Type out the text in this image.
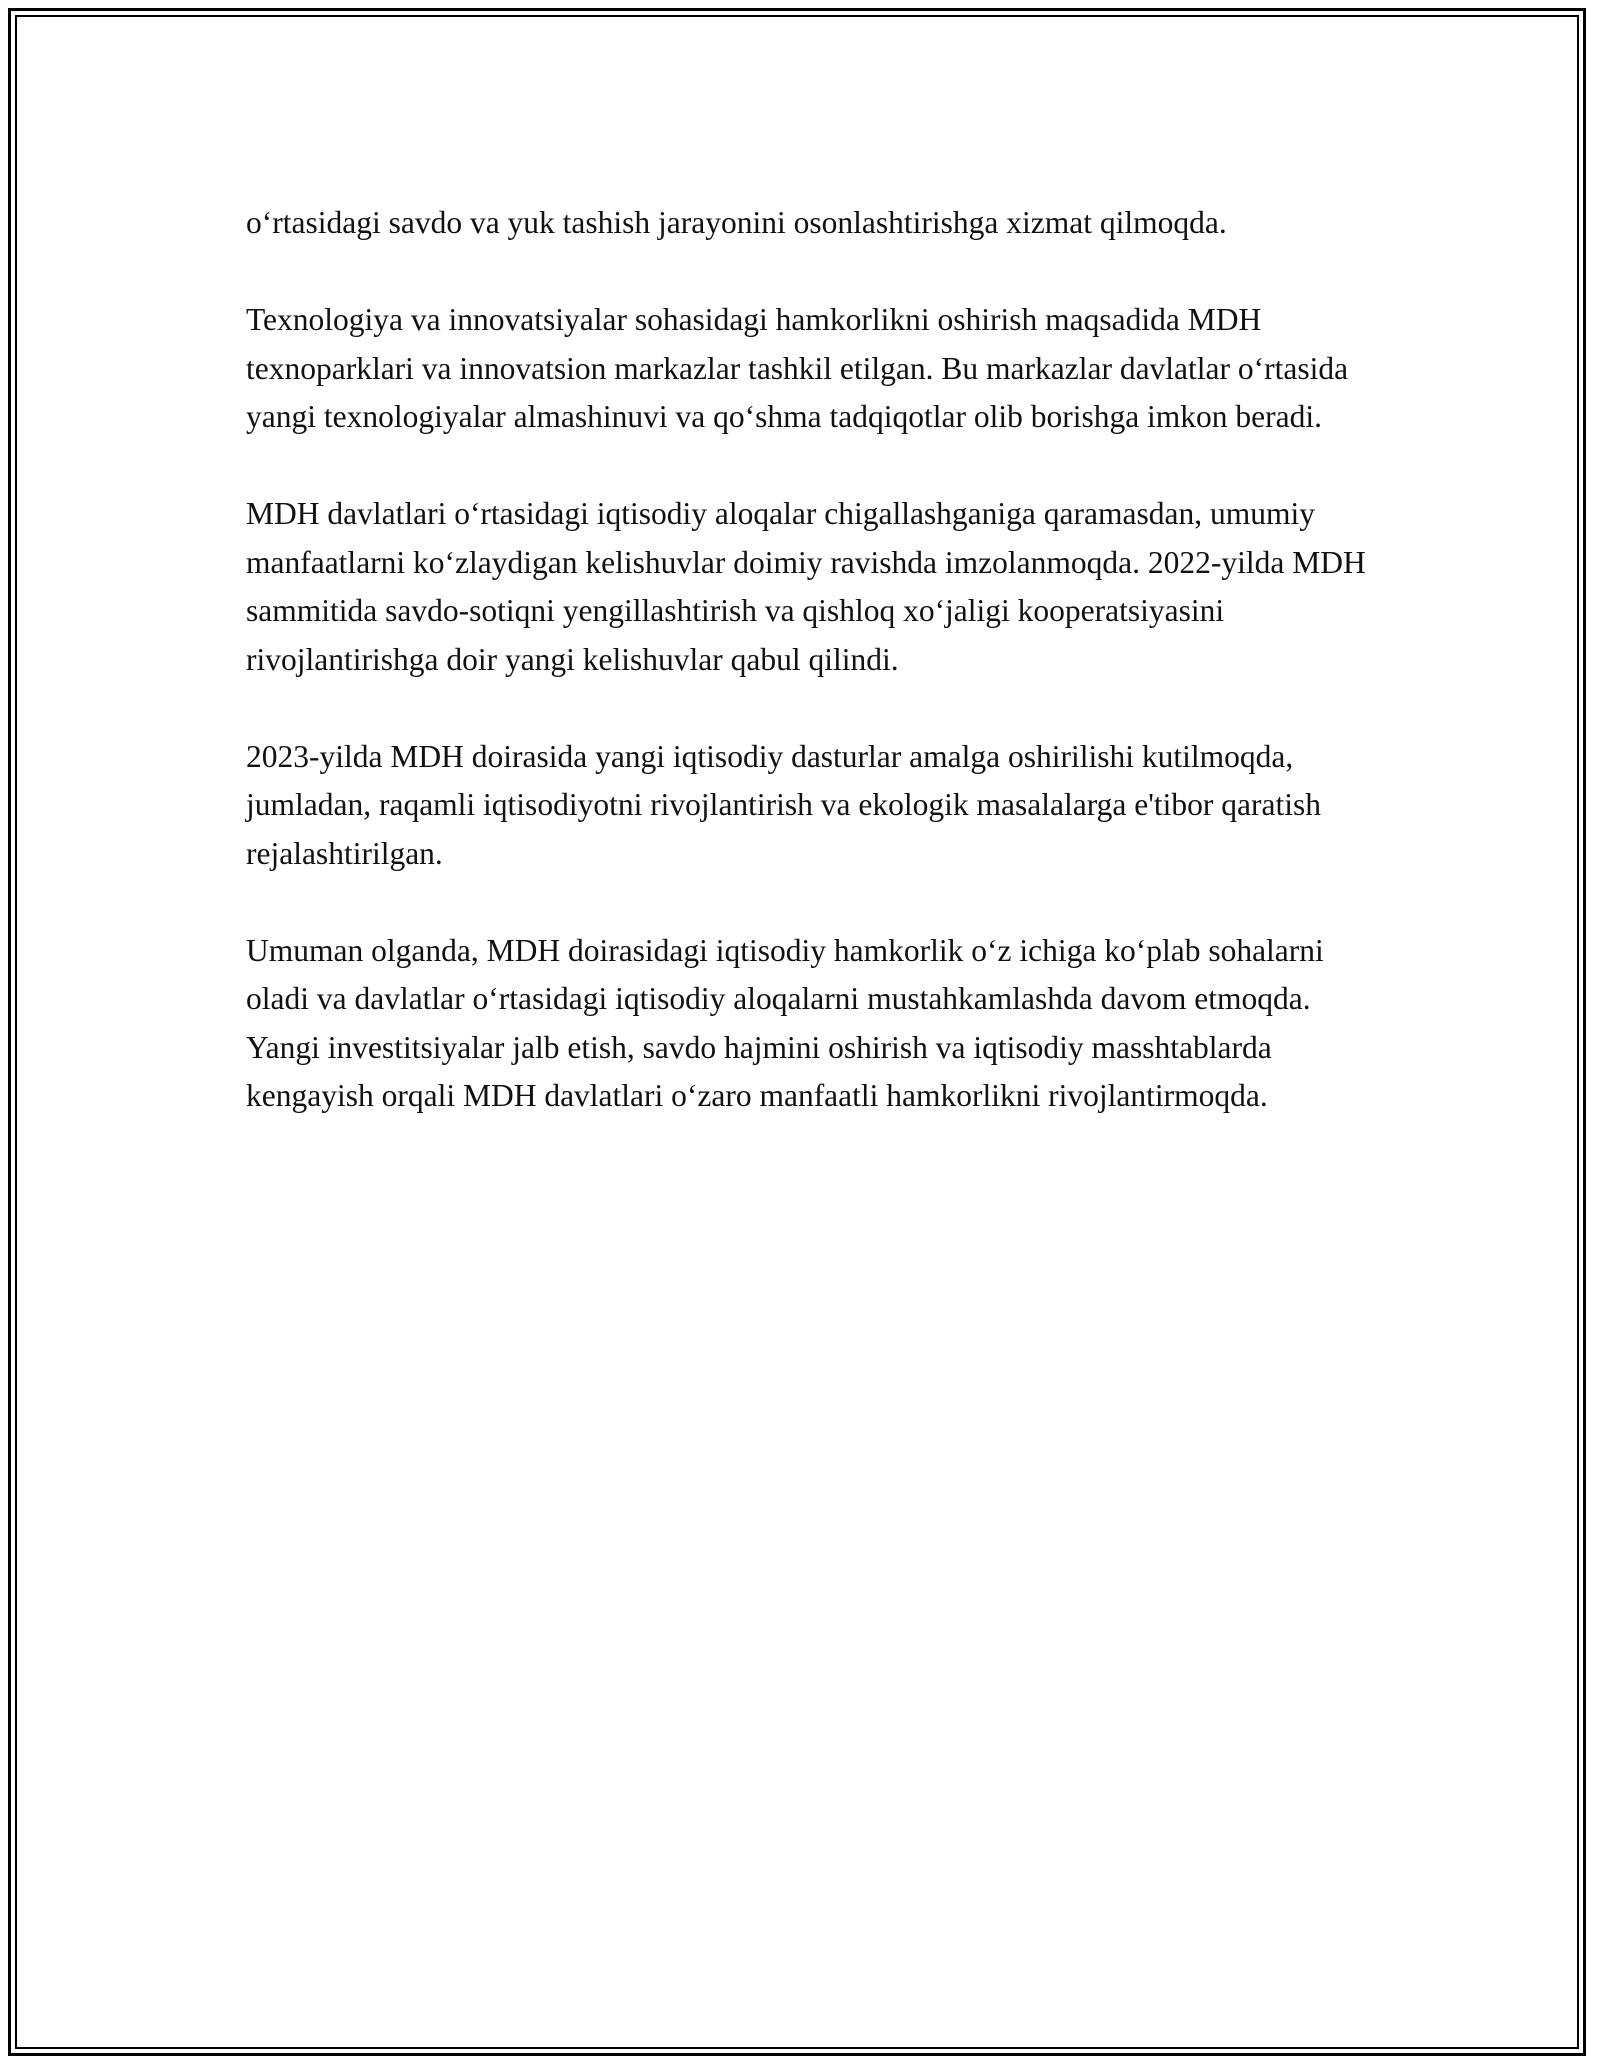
o‘rtasidagi savdo va yuk tashish jarayonini osonlashtirishga xizmat qilmoqda.

Texnologiya va innovatsiyalar sohasidagi hamkorlikni oshirish maqsadida MDH texnoparklari va innovatsion markazlar tashkil etilgan. Bu markazlar davlatlar o‘rtasida yangi texnologiyalar almashinuvi va qo‘shma tadqiqotlar olib borishga imkon beradi.

MDH davlatlari o‘rtasidagi iqtisodiy aloqalar chigallashganiga qaramasdan, umumiy manfaatlarni ko‘zlaydigan kelishuvlar doimiy ravishda imzolanmoqda. 2022-yilda MDH sammitida savdo-sotiqni yengillashtirish va qishloq xo‘jaligi kooperatsiyasini rivojlantirishga doir yangi kelishuvlar qabul qilindi.

2023-yilda MDH doirasida yangi iqtisodiy dasturlar amalga oshirilishi kutilmoqda, jumladan, raqamli iqtisodiyotni rivojlantirish va ekologik masalalarga e'tibor qaratish rejalashtirilgan.

Umuman olganda, MDH doirasidagi iqtisodiy hamkorlik o‘z ichiga ko‘plab sohalarni oladi va davlatlar o‘rtasidagi iqtisodiy aloqalarni mustahkamlashda davom etmoqda. Yangi investitsiyalar jalb etish, savdo hajmini oshirish va iqtisodiy masshtablarda kengayish orqali MDH davlatlari o‘zaro manfaatli hamkorlikni rivojlantirmoqda.
